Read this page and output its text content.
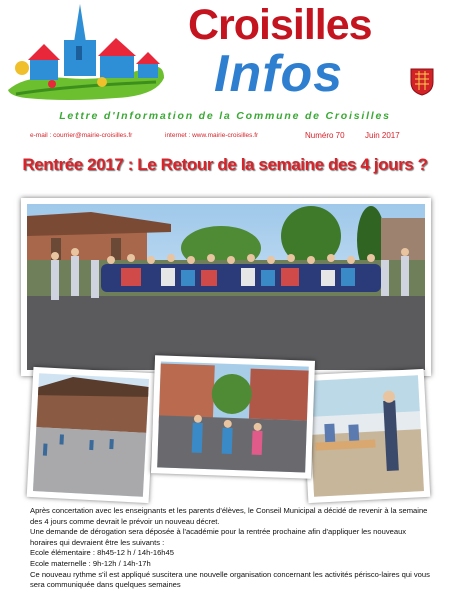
Croisilles
Infos
Lettre d'Information de la Commune de Croisilles
e-mail : courrier@mairie-croisilles.fr	internet : www.mairie-croisilles.fr	Numéro 70	Juin 2017
Rentrée 2017 : Le Retour de la semaine des 4 jours ?

Après concertation avec les enseignants et les parents d'élèves, le Conseil Municipal a décidé de revenir à la semaine des 4 jours comme devrait le prévoir un nouveau décret.

Une demande de dérogation sera déposée à l'académie pour la rentrée prochaine afin d'appliquer les nouveaux horaires qui devraient être les suivants :

Ecole élémentaire : 8h45-12 h / 14h-16h45

Ecole maternelle : 9h-12h / 14h-17h

Ce nouveau rythme s'il est appliqué suscitera une nouvelle organisation concernant les activités périsco-laires qui vous sera communiquée dans quelques semaines
